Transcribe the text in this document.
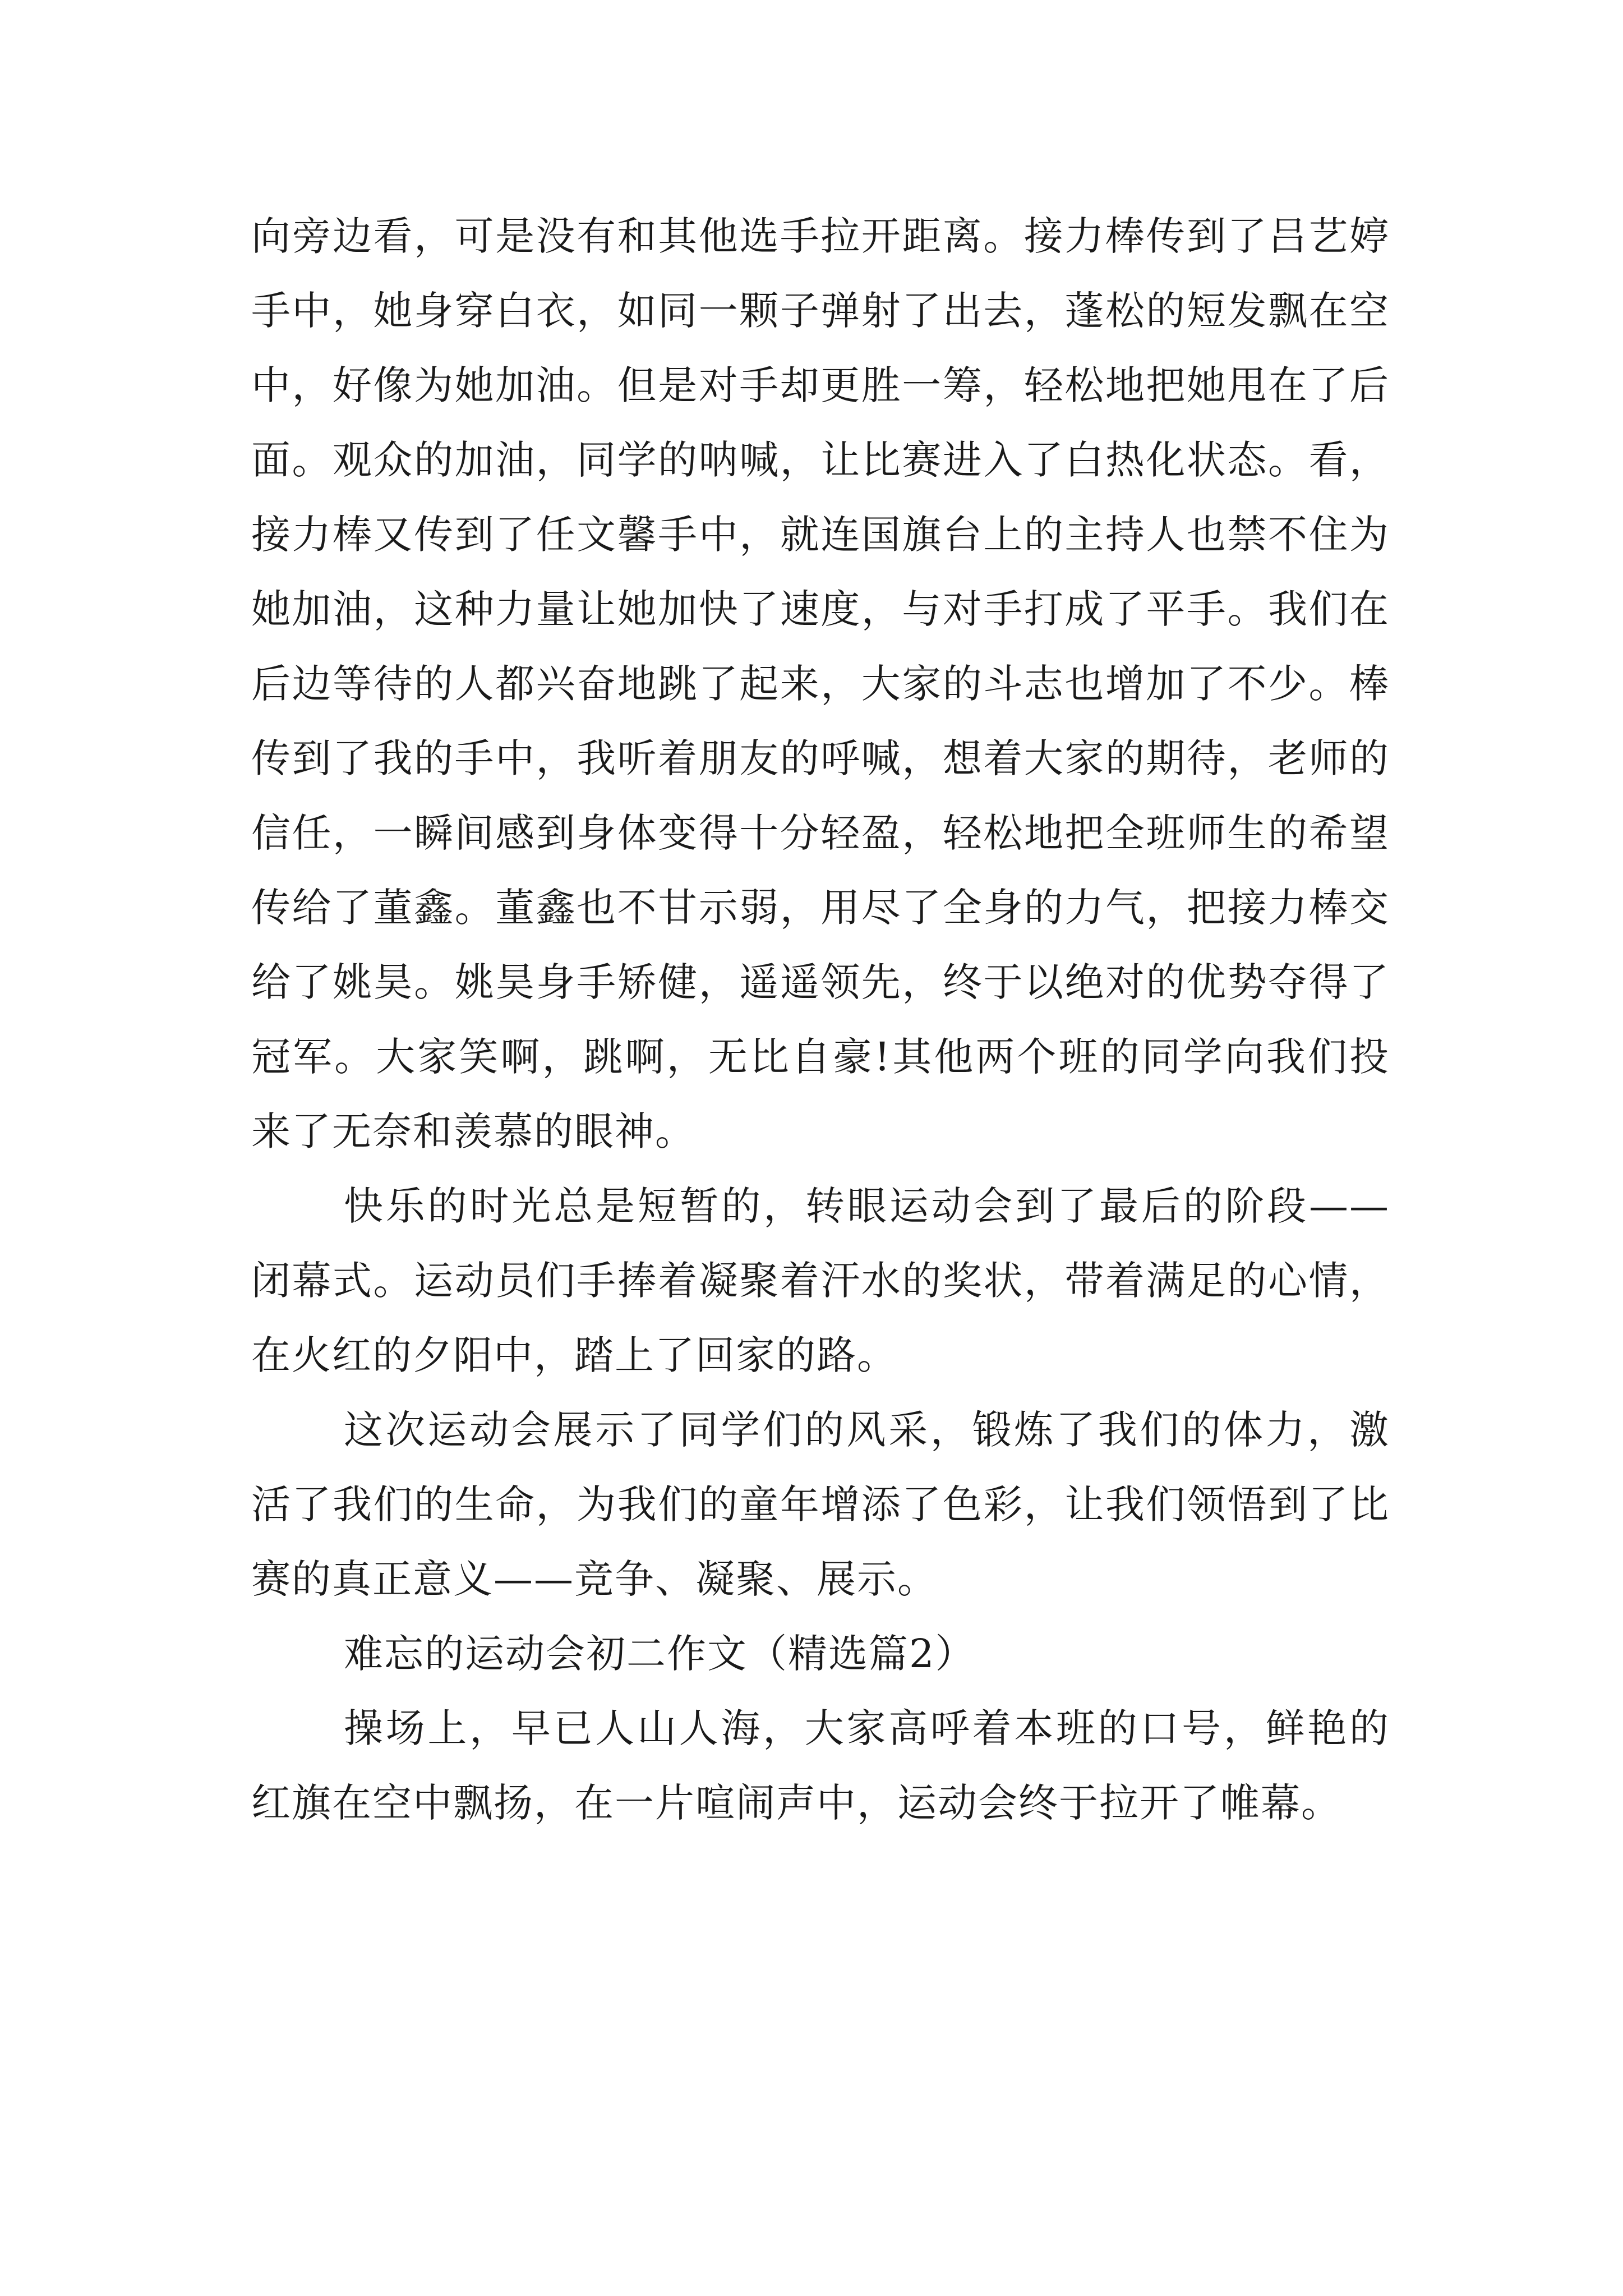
向旁边看，可是没有和其他选手拉开距离。接力棒传到了吕艺婷手中，她身穿白衣，如同一颗子弹射了出去，蓬松的短发飘在空中，好像为她加油。但是对手却更胜一筹，轻松地把她甩在了后面。观众的加油，同学的呐喊，让比赛进入了白热化状态。看，接力棒又传到了任文馨手中，就连国旗台上的主持人也禁不住为她加油，这种力量让她加快了速度，与对手打成了平手。我们在后边等待的人都兴奋地跳了起来，大家的斗志也增加了不少。棒传到了我的手中，我听着朋友的呼喊，想着大家的期待，老师的信任，一瞬间感到身体变得十分轻盈，轻松地把全班师生的希望传给了董鑫。董鑫也不甘示弱，用尽了全身的力气，把接力棒交给了姚昊。姚昊身手矫健，遥遥领先，终于以绝对的优势夺得了冠军。大家笑啊，跳啊，无比自豪!其他两个班的同学向我们投来了无奈和羡慕的眼神。

快乐的时光总是短暂的，转眼运动会到了最后的阶段——闭幕式。运动员们手捧着凝聚着汗水的奖状，带着满足的心情，在火红的夕阳中，踏上了回家的路。

这次运动会展示了同学们的风采，锻炼了我们的体力，激活了我们的生命，为我们的童年增添了色彩，让我们领悟到了比赛的真正意义——竞争、凝聚、展示。

难忘的运动会初二作文（精选篇2）

操场上，早已人山人海，大家高呼着本班的口号，鲜艳的红旗在空中飘扬，在一片喧闹声中，运动会终于拉开了帷幕。
